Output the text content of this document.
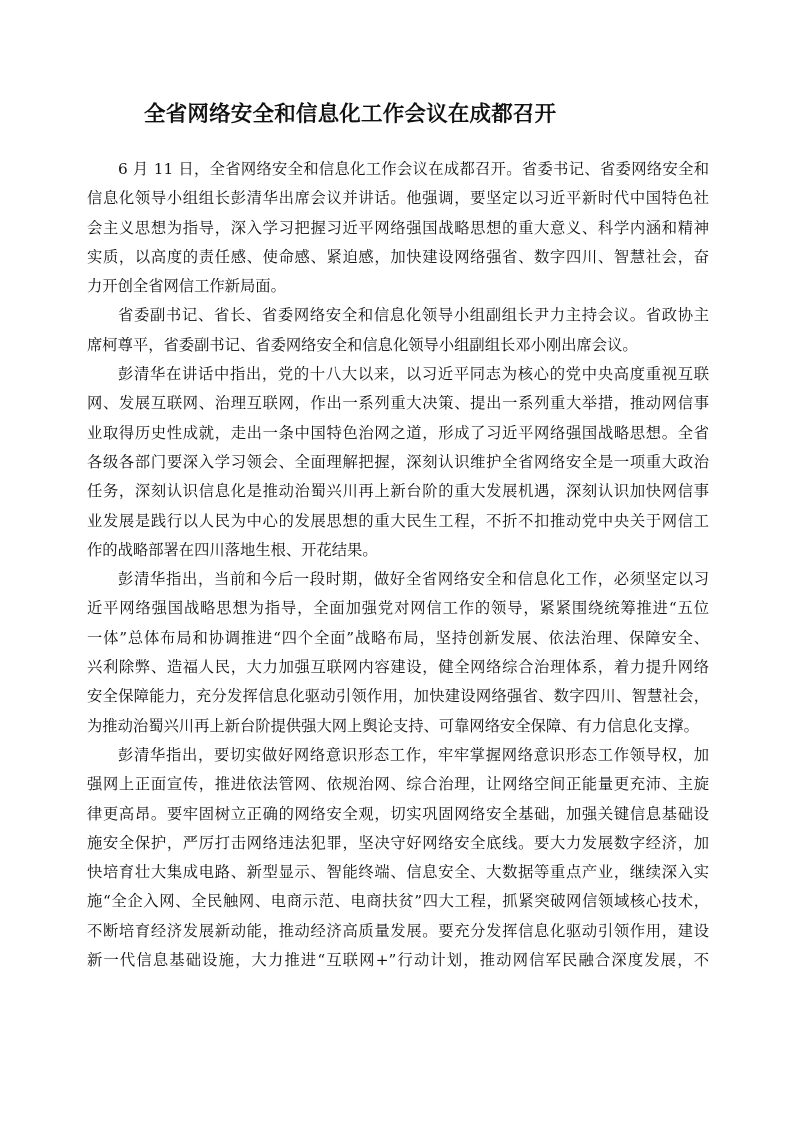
全省网络安全和信息化工作会议在成都召开

6 月 11 日，全省网络安全和信息化工作会议在成都召开。省委书记、省委网络安全和
信息化领导小组组长彭清华出席会议并讲话。他强调，要坚定以习近平新时代中国特色社
会主义思想为指导，深入学习把握习近平网络强国战略思想的重大意义、科学内涵和精神
实质，以高度的责任感、使命感、紧迫感，加快建设网络强省、数字四川、智慧社会，奋
力开创全省网信工作新局面。

省委副书记、省长、省委网络安全和信息化领导小组副组长尹力主持会议。省政协主
席柯尊平，省委副书记、省委网络安全和信息化领导小组副组长邓小刚出席会议。

彭清华在讲话中指出，党的十八大以来，以习近平同志为核心的党中央高度重视互联
网、发展互联网、治理互联网，作出一系列重大决策、提出一系列重大举措，推动网信事
业取得历史性成就，走出一条中国特色治网之道，形成了习近平网络强国战略思想。全省
各级各部门要深入学习领会、全面理解把握，深刻认识维护全省网络安全是一项重大政治
任务，深刻认识信息化是推动治蜀兴川再上新台阶的重大发展机遇，深刻认识加快网信事
业发展是践行以人民为中心的发展思想的重大民生工程，不折不扣推动党中央关于网信工
作的战略部署在四川落地生根、开花结果。

彭清华指出，当前和今后一段时期，做好全省网络安全和信息化工作，必须坚定以习
近平网络强国战略思想为指导，全面加强党对网信工作的领导，紧紧围绕统筹推进“五位
一体”总体布局和协调推进“四个全面”战略布局，坚持创新发展、依法治理、保障安全、
兴利除弊、造福人民，大力加强互联网内容建设，健全网络综合治理体系，着力提升网络
安全保障能力，充分发挥信息化驱动引领作用，加快建设网络强省、数字四川、智慧社会，
为推动治蜀兴川再上新台阶提供强大网上舆论支持、可靠网络安全保障、有力信息化支撑。

彭清华指出，要切实做好网络意识形态工作，牢牢掌握网络意识形态工作领导权，加
强网上正面宣传，推进依法管网、依规治网、综合治理，让网络空间正能量更充沛、主旋
律更高昂。要牢固树立正确的网络安全观，切实巩固网络安全基础，加强关键信息基础设
施安全保护，严厉打击网络违法犯罪，坚决守好网络安全底线。要大力发展数字经济，加
快培育壮大集成电路、新型显示、智能终端、信息安全、大数据等重点产业，继续深入实
施“全企入网、全民触网、电商示范、电商扶贫”四大工程，抓紧突破网信领域核心技术，
不断培育经济发展新动能，推动经济高质量发展。要充分发挥信息化驱动引领作用，建设
新一代信息基础设施，大力推进“互联网+”行动计划，推动网信军民融合深度发展，不
